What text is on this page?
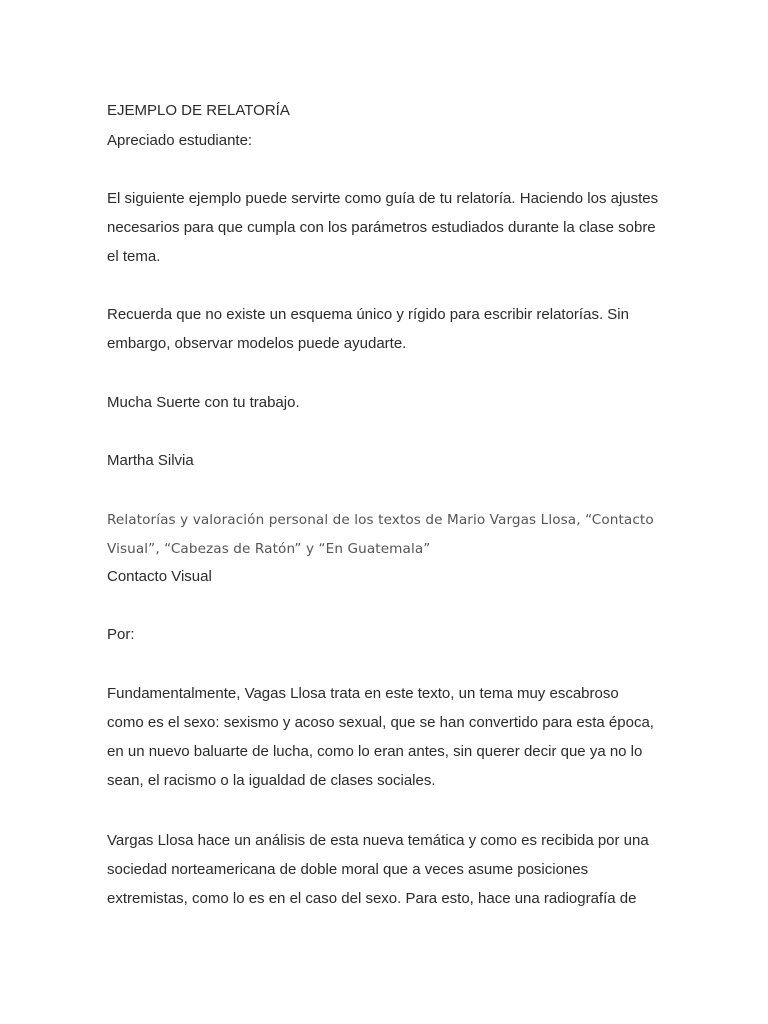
EJEMPLO DE RELATORÍA

Apreciado estudiante:

El siguiente ejemplo puede servirte como guía de tu relatoría. Haciendo los ajustes

necesarios para que cumpla con los parámetros estudiados durante la clase sobre

el tema.

Recuerda que no existe un esquema único y rígido para escribir relatorías. Sin

embargo, observar modelos puede ayudarte.

Mucha Suerte con tu trabajo.

Martha Silvia

Relatorías y valoración personal de los textos de Mario Vargas Llosa, “Contacto

Visual”, “Cabezas de Ratón” y “En Guatemala”

Contacto Visual

Por:

Fundamentalmente, Vagas Llosa trata en este texto, un tema muy escabroso

como es el sexo: sexismo y acoso sexual, que se han convertido para esta época,

en un nuevo baluarte de lucha, como lo eran antes, sin querer decir que ya no lo

sean, el racismo o la igualdad de clases sociales.

Vargas Llosa hace un análisis de esta nueva temática y como es recibida por una

sociedad norteamericana de doble moral que a veces asume posiciones

extremistas, como lo es en el caso del sexo. Para esto, hace una radiografía de
